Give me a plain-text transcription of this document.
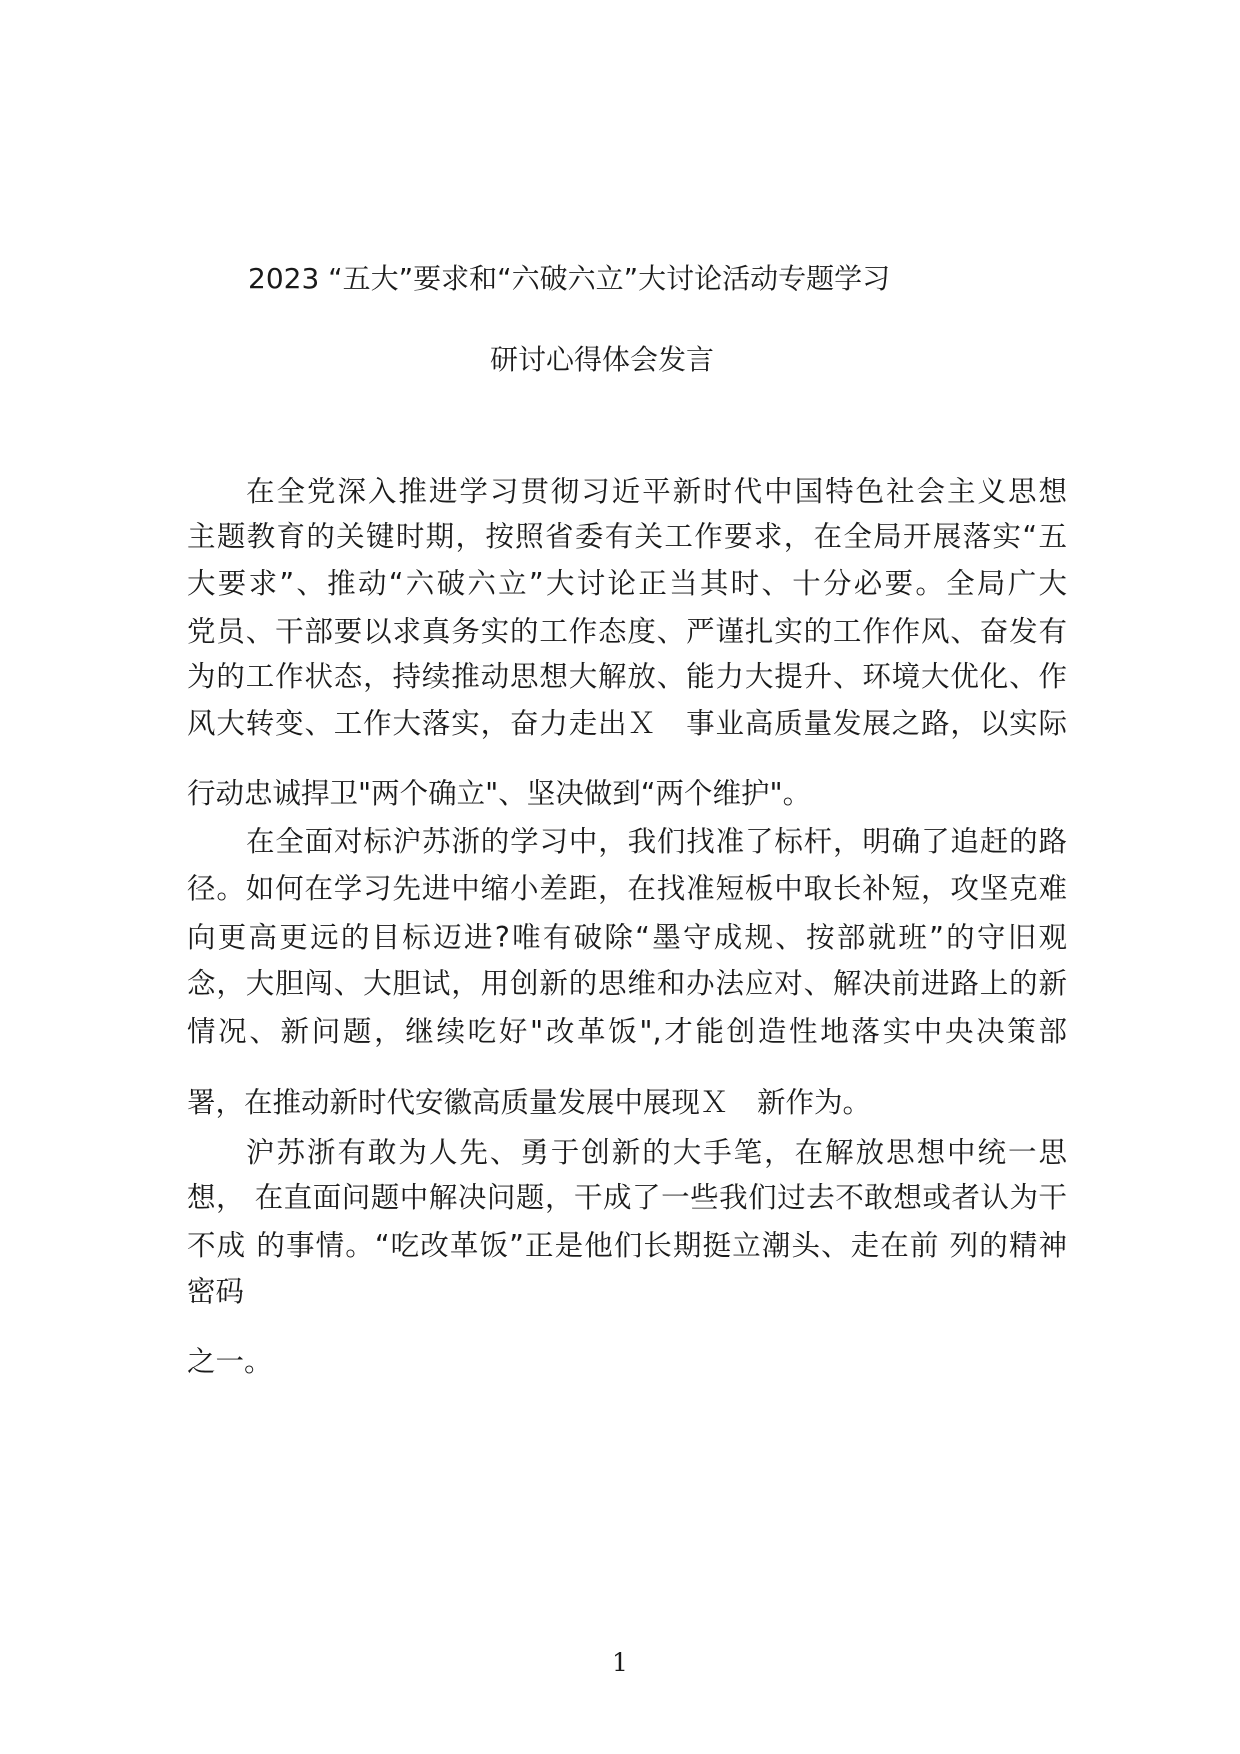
2023 “五大”要求和“六破六立”大讨论活动专题学习
研讨心得体会发言
在全党深入推进学习贯彻习近平新时代中国特色社会主义思想
主题教育的关键时期，按照省委有关工作要求，在全局开展落实“五
大要求”、推动“六破六立”大讨论正当其时、十分必要。全局广大
党员、干部要以求真务实的工作态度、严谨扎实的工作作风、奋发有
为的工作状态，持续推动思想大解放、能力大提升、环境大优化、作
风大转变、工作大落实，奋力走出Ｘ　事业高质量发展之路，以实际
行动忠诚捍卫"两个确立"、坚决做到“两个维护"。
在全面对标沪苏浙的学习中，我们找准了标杆，明确了追赶的路
径。如何在学习先进中缩小差距，在找准短板中取长补短，攻坚克难
向更高更远的目标迈进?唯有破除“墨守成规、按部就班”的守旧观
念，大胆闯、大胆试，用创新的思维和办法应对、解决前进路上的新
情况、新问题，继续吃好"改革饭",才能创造性地落实中央决策部
署，在推动新时代安徽高质量发展中展现Ｘ　新作为。
沪苏浙有敢为人先、勇于创新的大手笔，在解放思想中统一思
想， 在直面问题中解决问题，干成了一些我们过去不敢想或者认为干
不成 的事情。“吃改革饭”正是他们长期挺立潮头、走在前 列的精神
密码
之一。
1
